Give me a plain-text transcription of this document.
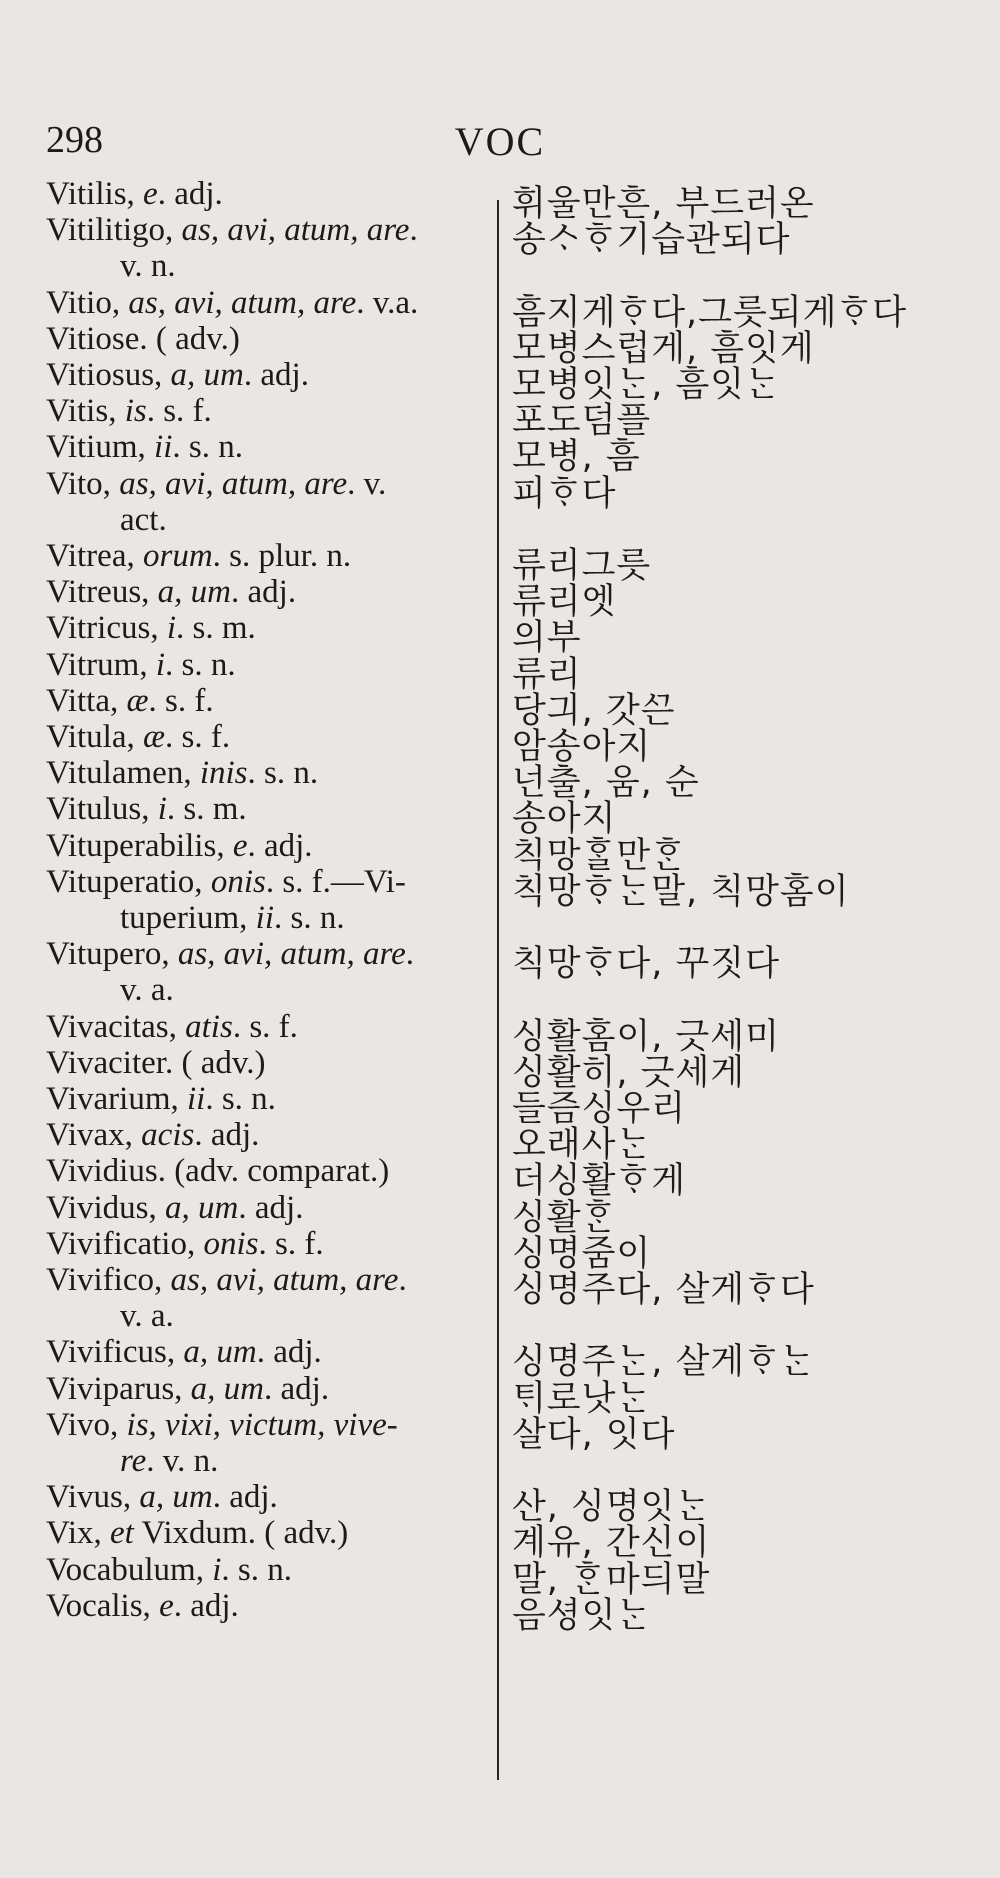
298	VOC
Vitilis, e. adj.	휘울만흔, 부드러온
Vitilitigo, as, avi, atum, are.	송ᄉᆞᄒᆞ기습관되다
v. n.
Vitio, as, avi, atum, are. v.a.	흠지게ᄒᆞ다,그릇되게ᄒᆞ다
Vitiose. ( adv.)	모병스럽게, 흠잇게
Vitiosus, a, um. adj.	모병잇ᄂᆞᆫ, 흠잇ᄂᆞᆫ
Vitis, is. s. f.	포도덤플
Vitium, ii. s. n.	모병, 흠
Vito, as, avi, atum, are. v.	피ᄒᆞ다
act.
Vitrea, orum. s. plur. n.	류리그릇
Vitreus, a, um. adj.	류리엣
Vitricus, i. s. m.	의부
Vitrum, i. s. n.	류리
Vitta, æ. s. f.	당긔, 갓ᄭᅳᆫ
Vitula, æ. s. f.	암송아지
Vitulamen, inis. s. n.	넌출, 움, 순
Vitulus, i. s. m.	송아지
Vituperabilis, e. adj.	칙망ᄒᆞᆯ만ᄒᆞᆫ
Vituperatio, onis. s. f.—Vi-	칙망ᄒᆞᄂᆞᆫ말, 칙망홈이
tuperium, ii. s. n.
Vitupero, as, avi, atum, are.	칙망ᄒᆞ다, 꾸짓다
v. a.
Vivacitas, atis. s. f.	싱활홈이, 긋세미
Vivaciter. ( adv.)	싱활히, 긋세게
Vivarium, ii. s. n.	들즘싱우리
Vivax, acis. adj.	오래사ᄂᆞᆫ
Vividius. (adv. comparat.)	더싱활ᄒᆞ게
Vividus, a, um. adj.	싱활ᄒᆞᆫ
Vivificatio, onis. s. f.	싱명줌이
Vivifico, as, avi, atum, are.	싱명주다, 살게ᄒᆞ다
v. a.
Vivificus, a, um. adj.	싱명주ᄂᆞᆫ, 살게ᄒᆞᄂᆞᆫ
Viviparus, a, um. adj.	ᄐᆡ로낫ᄂᆞᆫ
Vivo, is, vixi, victum, vive-	살다, 잇다
re. v. n.
Vivus, a, um. adj.	산, 싱명잇ᄂᆞᆫ
Vix, et Vixdum. ( adv.)	계유, 간신이
Vocabulum, i. s. n.	말, ᄒᆞᆫ마듸말
Vocalis, e. adj.	음셩잇ᄂᆞᆫ
